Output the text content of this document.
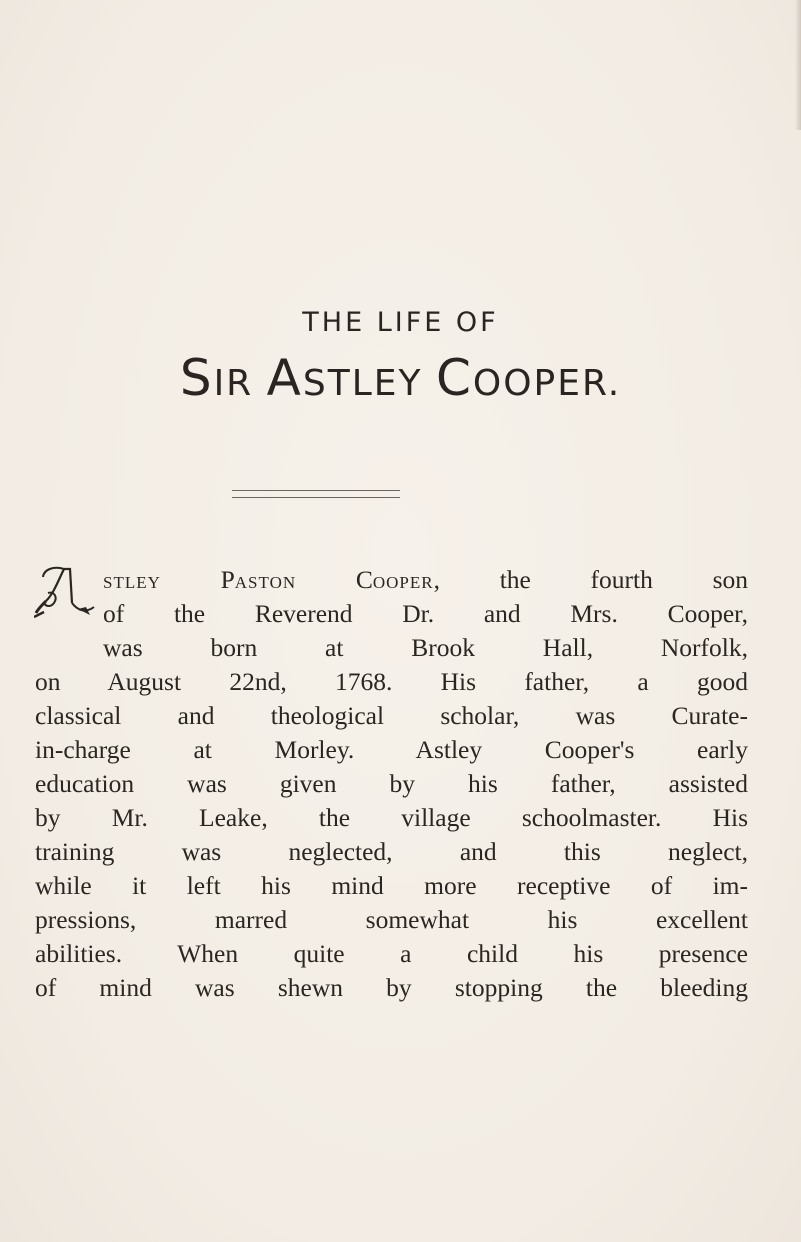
THE LIFE OF
SIR ASTLEY COOPER.
STLEY PASTON COOPER, the fourth son
of the Reverend Dr. and Mrs. Cooper,
was born at Brook Hall, Norfolk,
on August 22nd, 1768. His father, a good
classical and theological scholar, was Curate-
in-charge at Morley. Astley Cooper's early
education was given by his father, assisted
by Mr. Leake, the village schoolmaster. His
training was neglected, and this neglect,
while it left his mind more receptive of im-
pressions, marred somewhat his excellent
abilities. When quite a child his presence
of mind was shewn by stopping the bleeding
